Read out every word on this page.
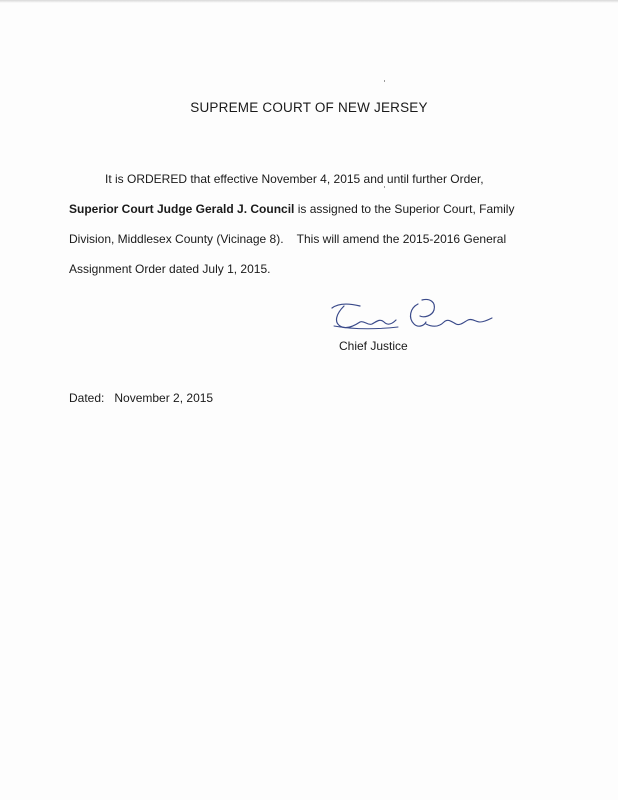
SUPREME COURT OF NEW JERSEY

It is ORDERED that effective November 4, 2015 and until further Order,

Superior Court Judge Gerald J. Council is assigned to the Superior Court, Family

Division, Middlesex County (Vicinage 8).    This will amend the 2015-2016 General

Assignment Order dated July 1, 2015.

Chief Justice
Dated: November 2, 2015
